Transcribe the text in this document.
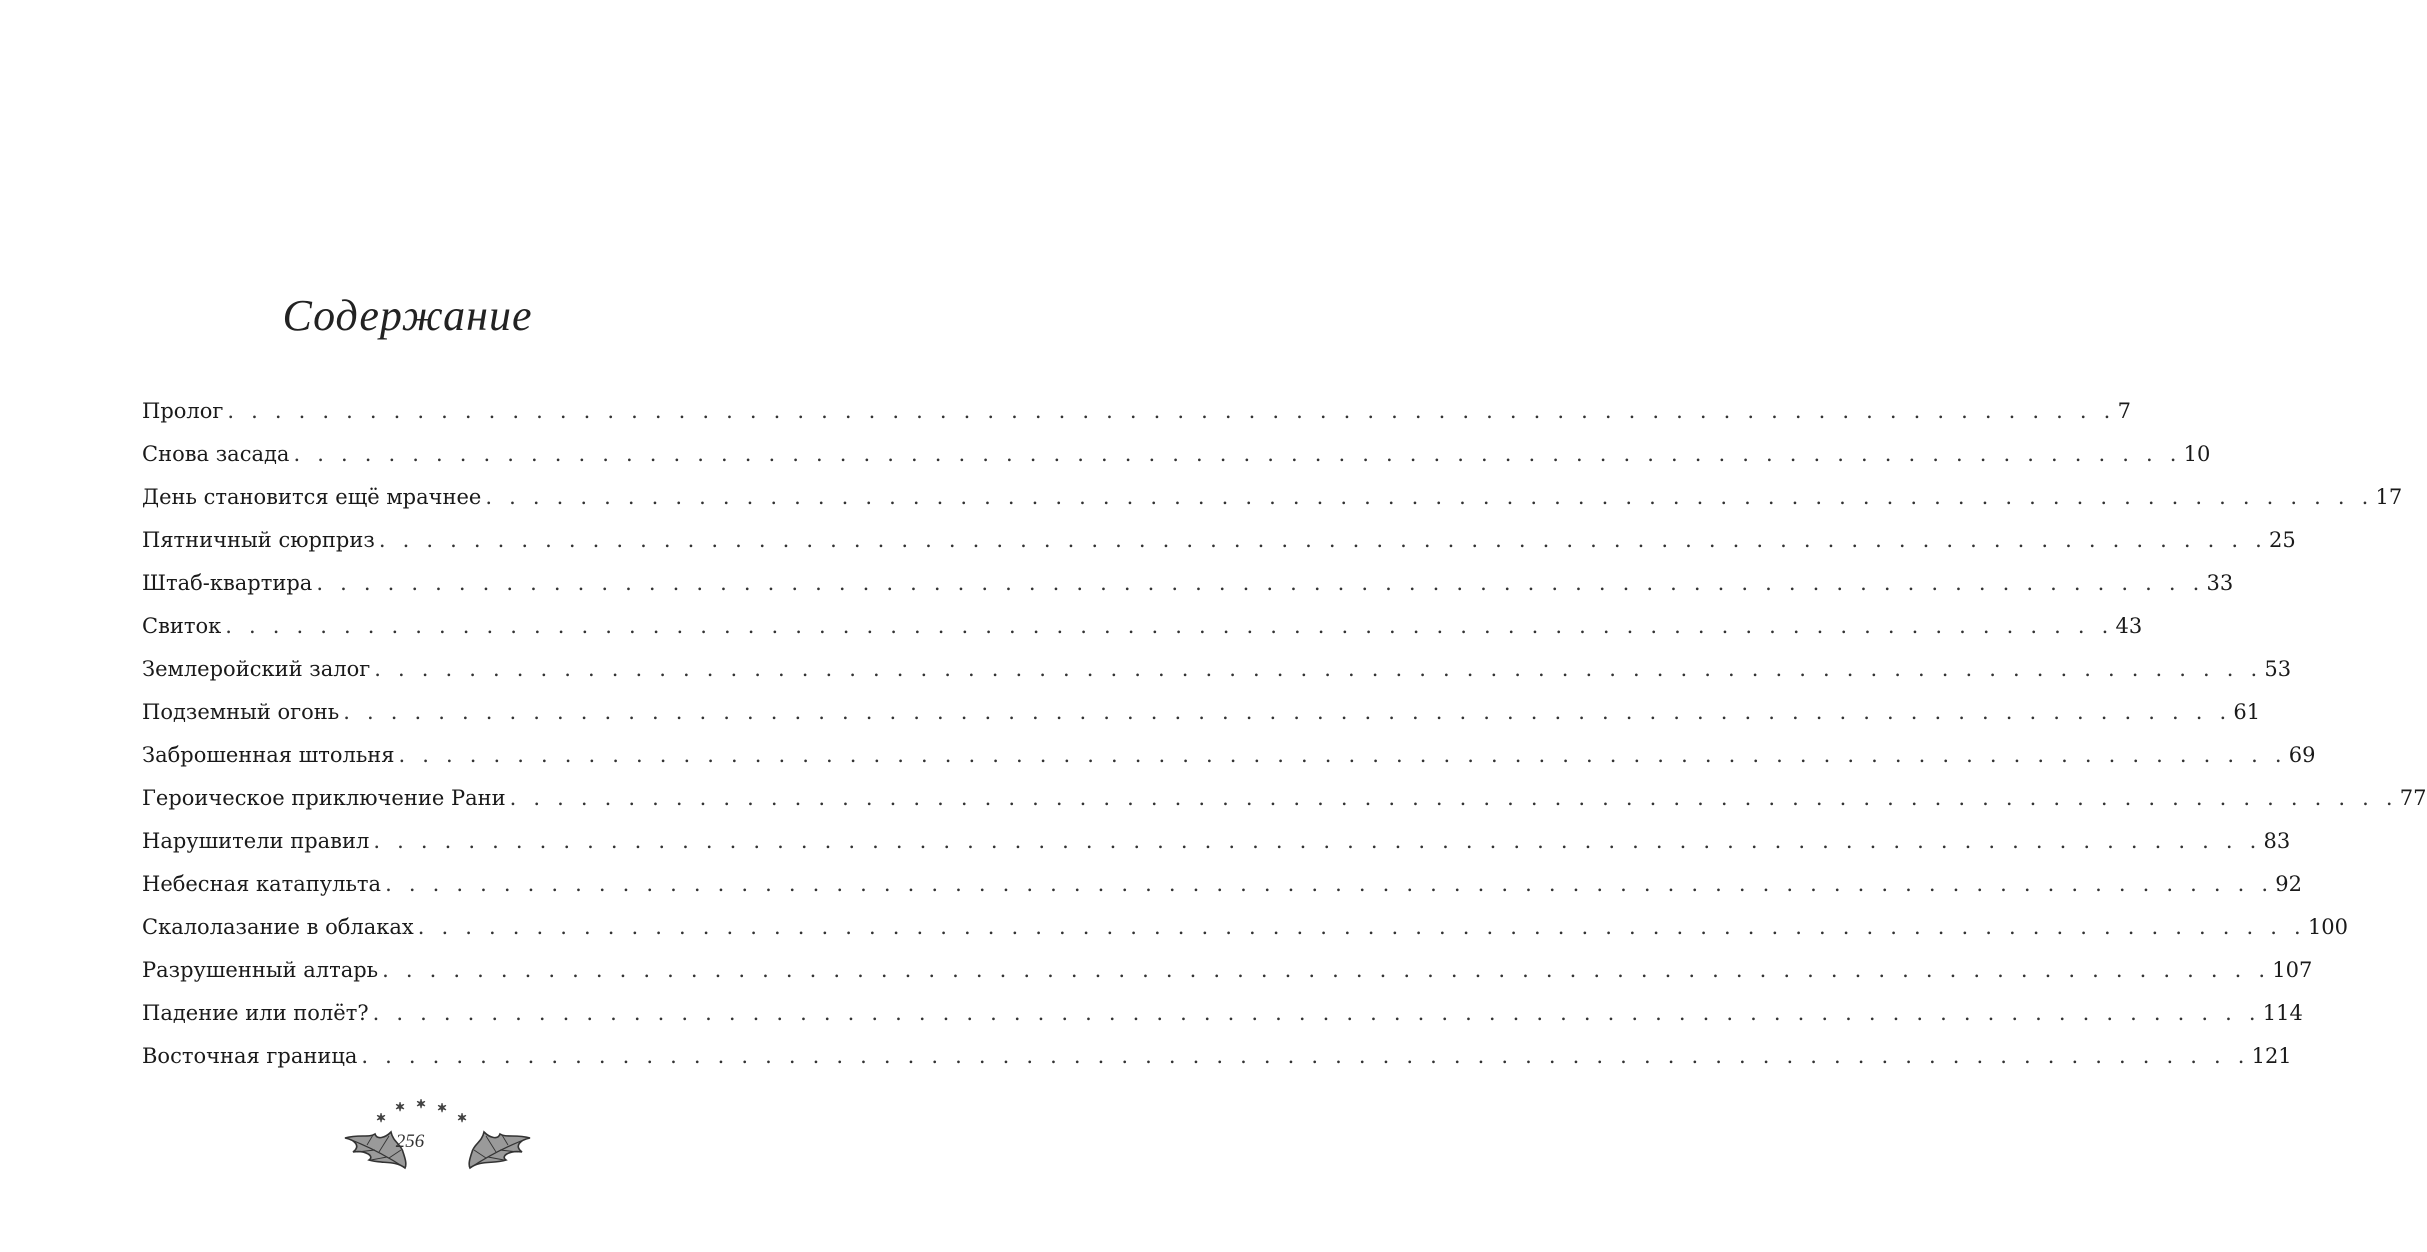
Содержание
Пролог . . . . . . . . . . . . . . . . . . . . . . . . . . . . . . . . . . . . . . . . . . . . . . . . . . . . . . . . . . . . . . . . . . . . . . . . . . . . . . . . 7
Снова засада . . . . . . . . . . . . . . . . . . . . . . . . . . . . . . . . . . . . . . . . . . . . . . . . . . . . . . . . . . . . . . . . . . . . . . . . . . . . . . . . 10
День становится ещё мрачнее . . . . . . . . . . . . . . . . . . . . . . . . . . . . . . . . . . . . . . . . . . . . . . . . . . . . . . . . . . . . . . . . . . . . . . . . . . . . . . . . 17
Пятничный сюрприз . . . . . . . . . . . . . . . . . . . . . . . . . . . . . . . . . . . . . . . . . . . . . . . . . . . . . . . . . . . . . . . . . . . . . . . . . . . . . . . . 25
Штаб-квартира . . . . . . . . . . . . . . . . . . . . . . . . . . . . . . . . . . . . . . . . . . . . . . . . . . . . . . . . . . . . . . . . . . . . . . . . . . . . . . . . 33
Свиток . . . . . . . . . . . . . . . . . . . . . . . . . . . . . . . . . . . . . . . . . . . . . . . . . . . . . . . . . . . . . . . . . . . . . . . . . . . . . . . . 43
Землеройский залог . . . . . . . . . . . . . . . . . . . . . . . . . . . . . . . . . . . . . . . . . . . . . . . . . . . . . . . . . . . . . . . . . . . . . . . . . . . . . . . . 53
Подземный огонь . . . . . . . . . . . . . . . . . . . . . . . . . . . . . . . . . . . . . . . . . . . . . . . . . . . . . . . . . . . . . . . . . . . . . . . . . . . . . . . . 61
Заброшенная штольня . . . . . . . . . . . . . . . . . . . . . . . . . . . . . . . . . . . . . . . . . . . . . . . . . . . . . . . . . . . . . . . . . . . . . . . . . . . . . . . . 69
Героическое приключение Рани . . . . . . . . . . . . . . . . . . . . . . . . . . . . . . . . . . . . . . . . . . . . . . . . . . . . . . . . . . . . . . . . . . . . . . . . . . . . . . . . 77
Нарушители правил . . . . . . . . . . . . . . . . . . . . . . . . . . . . . . . . . . . . . . . . . . . . . . . . . . . . . . . . . . . . . . . . . . . . . . . . . . . . . . . . 83
Небесная катапульта . . . . . . . . . . . . . . . . . . . . . . . . . . . . . . . . . . . . . . . . . . . . . . . . . . . . . . . . . . . . . . . . . . . . . . . . . . . . . . . . 92
Скалолазание в облаках . . . . . . . . . . . . . . . . . . . . . . . . . . . . . . . . . . . . . . . . . . . . . . . . . . . . . . . . . . . . . . . . . . . . . . . . . . . . . . . . 100
Разрушенный алтарь . . . . . . . . . . . . . . . . . . . . . . . . . . . . . . . . . . . . . . . . . . . . . . . . . . . . . . . . . . . . . . . . . . . . . . . . . . . . . . . . 107
Падение или полёт? . . . . . . . . . . . . . . . . . . . . . . . . . . . . . . . . . . . . . . . . . . . . . . . . . . . . . . . . . . . . . . . . . . . . . . . . . . . . . . . . 114
Восточная граница . . . . . . . . . . . . . . . . . . . . . . . . . . . . . . . . . . . . . . . . . . . . . . . . . . . . . . . . . . . . . . . . . . . . . . . . . . . . . . . . 121
✶
✶ ✶ ✶
✶
256
